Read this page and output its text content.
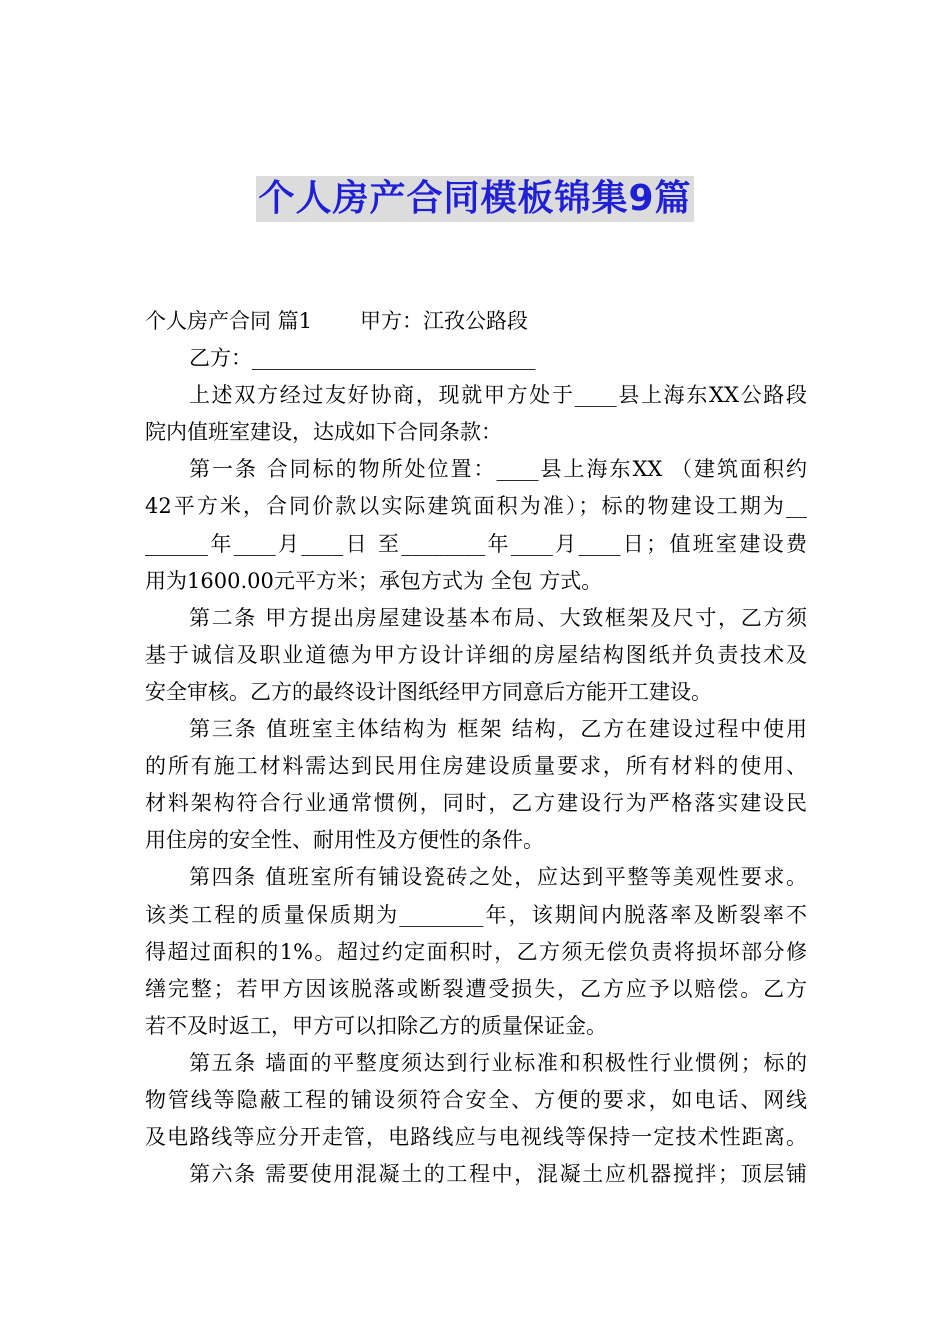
个人房产合同模板锦集9篇
个人房产合同 篇1 甲方：江孜公路段
乙方：___________________________
上述双方经过友好协商，现就甲方处于____县上海东XX公路段
院内值班室建设，达成如下合同条款：
第一条 合同标的物所处位置：____县上海东XX （建筑面积约
42平方米，合同价款以实际建筑面积为准）；标的物建设工期为__
______年____月____日 至________年____月____日；值班室建设费
用为1600.00元平方米；承包方式为 全包 方式。
第二条 甲方提出房屋建设基本布局、大致框架及尺寸，乙方须
基于诚信及职业道德为甲方设计详细的房屋结构图纸并负责技术及
安全审核。乙方的最终设计图纸经甲方同意后方能开工建设。
第三条 值班室主体结构为 框架 结构，乙方在建设过程中使用
的所有施工材料需达到民用住房建设质量要求，所有材料的使用、
材料架构符合行业通常惯例，同时，乙方建设行为严格落实建设民
用住房的安全性、耐用性及方便性的条件。
第四条 值班室所有铺设瓷砖之处，应达到平整等美观性要求。
该类工程的质量保质期为________年，该期间内脱落率及断裂率不
得超过面积的1%。超过约定面积时，乙方须无偿负责将损坏部分修
缮完整；若甲方因该脱落或断裂遭受损失，乙方应予以赔偿。乙方
若不及时返工，甲方可以扣除乙方的质量保证金。
第五条 墙面的平整度须达到行业标准和积极性行业惯例；标的
物管线等隐蔽工程的铺设须符合安全、方便的要求，如电话、网线
及电路线等应分开走管，电路线应与电视线等保持一定技术性距离。
第六条 需要使用混凝土的工程中，混凝土应机器搅拌；顶层铺
